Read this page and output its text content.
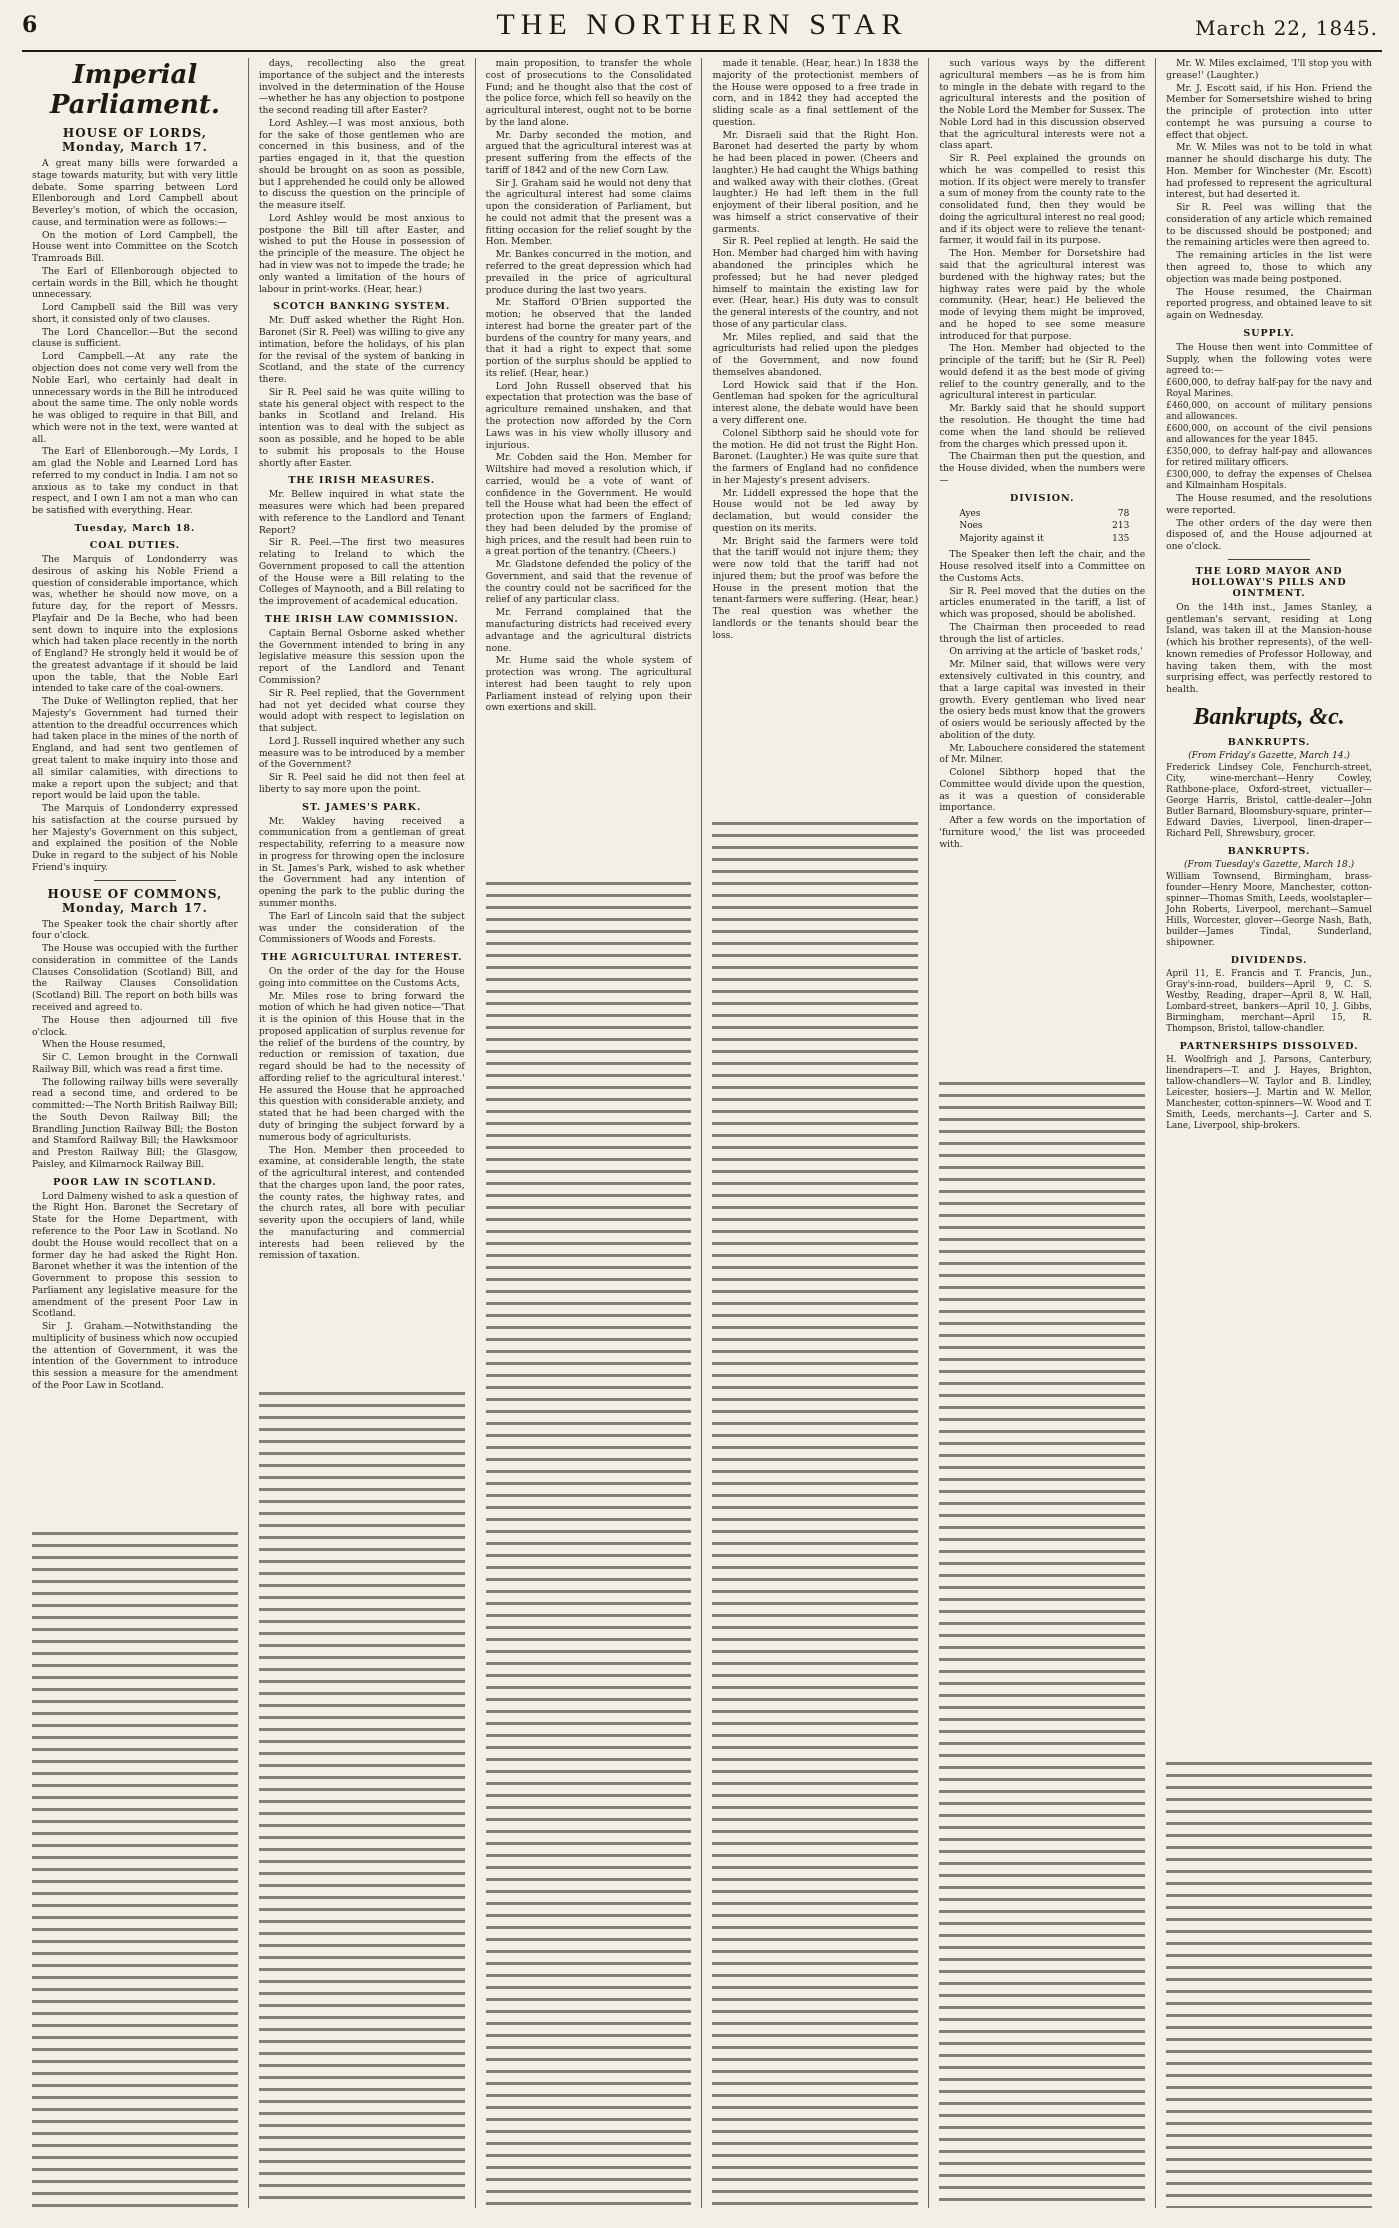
6	THE NORTHERN STAR	March 22, 1845.
Imperial Parliament.
HOUSE OF LORDS, Monday, March 17.

A great many bills were forwarded a stage towards maturity, but with very little debate. Some sparring between Lord Ellenborough and Lord Campbell about Beverley's motion, of which the occasion, cause, and termination were as follows:—

On the motion of Lord Campbell, the House went into Committee on the Scotch Tramroads Bill.

The Earl of Ellenborough objected to certain words in the Bill, which he thought unnecessary.

Lord Campbell said the Bill was very short, it consisted only of two clauses.

The Lord Chancellor.—But the second clause is sufficient.

Lord Campbell.—At any rate the objection does not come very well from the Noble Earl, who certainly had dealt in unnecessary words in the Bill he introduced about the same time. The only noble words he was obliged to require in that Bill, and which were not in the text, were wanted at all.

The Earl of Ellenborough.—My Lords, I am glad the Noble and Learned Lord has referred to my conduct in India. I am not so anxious as to take my conduct in that respect, and I own I am not a man who can be satisfied with everything. Hear.

Tuesday, March 18.
COAL DUTIES.

The Marquis of Londonderry was desirous of asking his Noble Friend a question of considerable importance, which was, whether he should now move, on a future day, for the report of Messrs. Playfair and De la Beche, who had been sent down to inquire into the explosions which had taken place recently in the north of England? He strongly held it would be of the greatest advantage if it should be laid upon the table, that the Noble Earl intended to take care of the coal-owners.

The Duke of Wellington replied, that her Majesty's Government had turned their attention to the dreadful occurrences which had taken place in the mines of the north of England, and had sent two gentlemen of great talent to make inquiry into those and all similar calamities, with directions to make a report upon the subject; and that report would be laid upon the table.

The Marquis of Londonderry expressed his satisfaction at the course pursued by her Majesty's Government on this subject, and explained the position of the Noble Duke in regard to the subject of his Noble Friend's inquiry.

HOUSE OF COMMONS, Monday, March 17.

The Speaker took the chair shortly after four o'clock.

The House was occupied with the further consideration in committee of the Lands Clauses Consolidation (Scotland) Bill, and the Railway Clauses Consolidation (Scotland) Bill. The report on both bills was received and agreed to.

The House then adjourned till five o'clock.

When the House resumed,

Sir C. Lemon brought in the Cornwall Railway Bill, which was read a first time.

The following railway bills were severally read a second time, and ordered to be committed:—The North British Railway Bill; the South Devon Railway Bill; the Brandling Junction Railway Bill; the Boston and Stamford Railway Bill; the Hawksmoor and Preston Railway Bill; the Glasgow, Paisley, and Kilmarnock Railway Bill.

POOR LAW IN SCOTLAND.

Lord Dalmeny wished to ask a question of the Right Hon. Baronet the Secretary of State for the Home Department, with reference to the Poor Law in Scotland. No doubt the House would recollect that on a former day he had asked the Right Hon. Baronet whether it was the intention of the Government to propose this session to Parliament any legislative measure for the amendment of the present Poor Law in Scotland.

Sir J. Graham.—Notwithstanding the multiplicity of business which now occupied the attention of Government, it was the intention of the Government to introduce this session a measure for the amendment of the Poor Law in Scotland.

days, recollecting also the great importance of the subject and the interests involved in the determination of the House—whether he has any objection to postpone the second reading till after Easter?

Lord Ashley.—I was most anxious, both for the sake of those gentlemen who are concerned in this business, and of the parties engaged in it, that the question should be brought on as soon as possible, but I apprehended he could only be allowed to discuss the question on the principle of the measure itself.

Lord Ashley would be most anxious to postpone the Bill till after Easter, and wished to put the House in possession of the principle of the measure. The object he had in view was not to impede the trade; he only wanted a limitation of the hours of labour in print-works. (Hear, hear.)

SCOTCH BANKING SYSTEM.

Mr. Duff asked whether the Right Hon. Baronet (Sir R. Peel) was willing to give any intimation, before the holidays, of his plan for the revisal of the system of banking in Scotland, and the state of the currency there.

Sir R. Peel said he was quite willing to state his general object with respect to the banks in Scotland and Ireland. His intention was to deal with the subject as soon as possible, and he hoped to be able to submit his proposals to the House shortly after Easter.

THE IRISH MEASURES.

Mr. Bellew inquired in what state the measures were which had been prepared with reference to the Landlord and Tenant Report?

Sir R. Peel.—The first two measures relating to Ireland to which the Government proposed to call the attention of the House were a Bill relating to the Colleges of Maynooth, and a Bill relating to the improvement of academical education.

THE IRISH LAW COMMISSION.

Captain Bernal Osborne asked whether the Government intended to bring in any legislative measure this session upon the report of the Landlord and Tenant Commission?

Sir R. Peel replied, that the Government had not yet decided what course they would adopt with respect to legislation on that subject.

Lord J. Russell inquired whether any such measure was to be introduced by a member of the Government?

Sir R. Peel said he did not then feel at liberty to say more upon the point.

ST. JAMES'S PARK.

Mr. Wakley having received a communication from a gentleman of great respectability, referring to a measure now in progress for throwing open the inclosure in St. James's Park, wished to ask whether the Government had any intention of opening the park to the public during the summer months.

The Earl of Lincoln said that the subject was under the consideration of the Commissioners of Woods and Forests.

THE AGRICULTURAL INTEREST.

On the order of the day for the House going into committee on the Customs Acts,

Mr. Miles rose to bring forward the motion of which he had given notice—'That it is the opinion of this House that in the proposed application of surplus revenue for the relief of the burdens of the country, by reduction or remission of taxation, due regard should be had to the necessity of affording relief to the agricultural interest.' He assured the House that he approached this question with considerable anxiety, and stated that he had been charged with the duty of bringing the subject forward by a numerous body of agriculturists.

The Hon. Member then proceeded to examine, at considerable length, the state of the agricultural interest, and contended that the charges upon land, the poor rates, the county rates, the highway rates, and the church rates, all bore with peculiar severity upon the occupiers of land, while the manufacturing and commercial interests had been relieved by the remission of taxation.

main proposition, to transfer the whole cost of prosecutions to the Consolidated Fund; and he thought also that the cost of the police force, which fell so heavily on the agricultural interest, ought not to be borne by the land alone.

Mr. Darby seconded the motion, and argued that the agricultural interest was at present suffering from the effects of the tariff of 1842 and of the new Corn Law.

Sir J. Graham said he would not deny that the agricultural interest had some claims upon the consideration of Parliament, but he could not admit that the present was a fitting occasion for the relief sought by the Hon. Member.

Mr. Bankes concurred in the motion, and referred to the great depression which had prevailed in the price of agricultural produce during the last two years.

Mr. Stafford O'Brien supported the motion; he observed that the landed interest had borne the greater part of the burdens of the country for many years, and that it had a right to expect that some portion of the surplus should be applied to its relief. (Hear, hear.)

Lord John Russell observed that his expectation that protection was the base of agriculture remained unshaken, and that the protection now afforded by the Corn Laws was in his view wholly illusory and injurious.

Mr. Cobden said the Hon. Member for Wiltshire had moved a resolution which, if carried, would be a vote of want of confidence in the Government. He would tell the House what had been the effect of protection upon the farmers of England; they had been deluded by the promise of high prices, and the result had been ruin to a great portion of the tenantry. (Cheers.)

Mr. Gladstone defended the policy of the Government, and said that the revenue of the country could not be sacrificed for the relief of any particular class.

Mr. Ferrand complained that the manufacturing districts had received every advantage and the agricultural districts none.

Mr. Hume said the whole system of protection was wrong. The agricultural interest had been taught to rely upon Parliament instead of relying upon their own exertions and skill.

made it tenable. (Hear, hear.) In 1838 the majority of the protectionist members of the House were opposed to a free trade in corn, and in 1842 they had accepted the sliding scale as a final settlement of the question.

Mr. Disraeli said that the Right Hon. Baronet had deserted the party by whom he had been placed in power. (Cheers and laughter.) He had caught the Whigs bathing and walked away with their clothes. (Great laughter.) He had left them in the full enjoyment of their liberal position, and he was himself a strict conservative of their garments.

Sir R. Peel replied at length. He said the Hon. Member had charged him with having abandoned the principles which he professed; but he had never pledged himself to maintain the existing law for ever. (Hear, hear.) His duty was to consult the general interests of the country, and not those of any particular class.

Mr. Miles replied, and said that the agriculturists had relied upon the pledges of the Government, and now found themselves abandoned.

Lord Howick said that if the Hon. Gentleman had spoken for the agricultural interest alone, the debate would have been a very different one.

Colonel Sibthorp said he should vote for the motion. He did not trust the Right Hon. Baronet. (Laughter.) He was quite sure that the farmers of England had no confidence in her Majesty's present advisers.

Mr. Liddell expressed the hope that the House would not be led away by declamation, but would consider the question on its merits.

Mr. Bright said the farmers were told that the tariff would not injure them; they were now told that the tariff had not injured them; but the proof was before the House in the present motion that the tenant-farmers were suffering. (Hear, hear.) The real question was whether the landlords or the tenants should bear the loss.

such various ways by the different agricultural members —as he is from him to mingle in the debate with regard to the agricultural interests and the position of the Noble Lord the Member for Sussex. The Noble Lord had in this discussion observed that the agricultural interests were not a class apart.

Sir R. Peel explained the grounds on which he was compelled to resist this motion. If its object were merely to transfer a sum of money from the county rate to the consolidated fund, then they would be doing the agricultural interest no real good; and if its object were to relieve the tenant-farmer, it would fail in its purpose.

The Hon. Member for Dorsetshire had said that the agricultural interest was burdened with the highway rates; but the highway rates were paid by the whole community. (Hear, hear.) He believed the mode of levying them might be improved, and he hoped to see some measure introduced for that purpose.

The Hon. Member had objected to the principle of the tariff; but he (Sir R. Peel) would defend it as the best mode of giving relief to the country generally, and to the agricultural interest in particular.

Mr. Barkly said that he should support the resolution. He thought the time had come when the land should be relieved from the charges which pressed upon it.

The Chairman then put the question, and the House divided, when the numbers were—

DIVISION.
Ayes	78
Noes	213
Majority against it	135

The Speaker then left the chair, and the House resolved itself into a Committee on the Customs Acts.

Sir R. Peel moved that the duties on the articles enumerated in the tariff, a list of which was proposed, should be abolished.

The Chairman then proceeded to read through the list of articles.

On arriving at the article of 'basket rods,'

Mr. Milner said, that willows were very extensively cultivated in this country, and that a large capital was invested in their growth. Every gentleman who lived near the osiery beds must know that the growers of osiers would be seriously affected by the abolition of the duty.

Mr. Labouchere considered the statement of Mr. Milner.

Colonel Sibthorp hoped that the Committee would divide upon the question, as it was a question of considerable importance.

After a few words on the importation of 'furniture wood,' the list was proceeded with.

Mr. W. Miles exclaimed, 'I'll stop you with grease!' (Laughter.)

Mr. J. Escott said, if his Hon. Friend the Member for Somersetshire wished to bring the principle of protection into utter contempt he was pursuing a course to effect that object.

Mr. W. Miles was not to be told in what manner he should discharge his duty. The Hon. Member for Winchester (Mr. Escott) had professed to represent the agricultural interest, but had deserted it.

Sir R. Peel was willing that the consideration of any article which remained to be discussed should be postponed; and the remaining articles were then agreed to.

The remaining articles in the list were then agreed to, those to which any objection was made being postponed.

The House resumed, the Chairman reported progress, and obtained leave to sit again on Wednesday.

SUPPLY.

The House then went into Committee of Supply, when the following votes were agreed to:—

£600,000, to defray half-pay for the navy and Royal Marines.

£460,000, on account of military pensions and allowances.

£600,000, on account of the civil pensions and allowances for the year 1845.

£350,000, to defray half-pay and allowances for retired military officers.

£300,000, to defray the expenses of Chelsea and Kilmainham Hospitals.

The House resumed, and the resolutions were reported.

The other orders of the day were then disposed of, and the House adjourned at one o'clock.

THE LORD MAYOR AND HOLLOWAY'S PILLS AND OINTMENT.

On the 14th inst., James Stanley, a gentleman's servant, residing at Long Island, was taken ill at the Mansion-house (which his brother represents), of the well-known remedies of Professor Holloway, and having taken them, with the most surprising effect, was perfectly restored to health.

Bankrupts, &c.
BANKRUPTS.
(From Friday's Gazette, March 14.)

Frederick Lindsey Cole, Fenchurch-street, City, wine-merchant—Henry Cowley, Rathbone-place, Oxford-street, victualler—George Harris, Bristol, cattle-dealer—John Butler Barnard, Bloomsbury-square, printer—Edward Davies, Liverpool, linen-draper—Richard Pell, Shrewsbury, grocer.

BANKRUPTS.
(From Tuesday's Gazette, March 18.)

William Townsend, Birmingham, brass-founder—Henry Moore, Manchester, cotton-spinner—Thomas Smith, Leeds, woolstapler—John Roberts, Liverpool, merchant—Samuel Hills, Worcester, glover—George Nash, Bath, builder—James Tindal, Sunderland, shipowner.

DIVIDENDS.

April 11, E. Francis and T. Francis, Jun., Gray's-inn-road, builders—April 9, C. S. Westby, Reading, draper—April 8, W. Hall, Lombard-street, bankers—April 10, J. Gibbs, Birmingham, merchant—April 15, R. Thompson, Bristol, tallow-chandler.

PARTNERSHIPS DISSOLVED.

H. Woolfrigh and J. Parsons, Canterbury, linendrapers—T. and J. Hayes, Brighton, tallow-chandlers—W. Taylor and B. Lindley, Leicester, hosiers—J. Martin and W. Mellor, Manchester, cotton-spinners—W. Wood and T. Smith, Leeds, merchants—J. Carter and S. Lane, Liverpool, ship-brokers.
